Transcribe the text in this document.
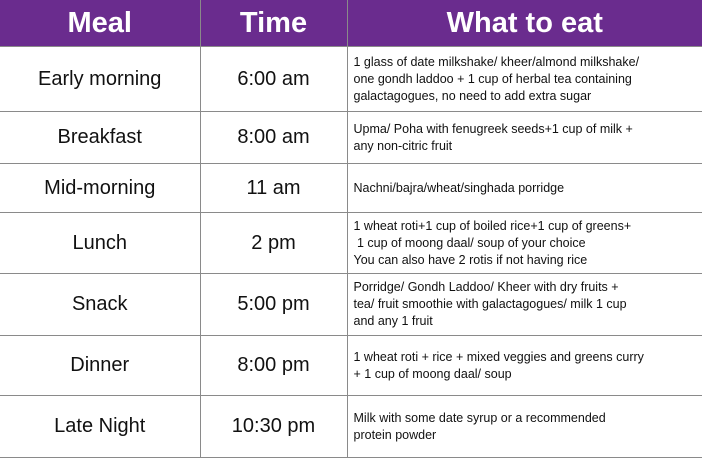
Meal	Time	What to eat
Early morning	6:00 am	1 glass of date milkshake/ kheer/almond milkshake/
one gondh laddoo + 1 cup of herbal tea containing
galactagogues, no need to add extra sugar

Breakfast	8:00 am	Upma/ Poha with fenugreek seeds+1 cup of milk +
any non-citric fruit

Mid-morning	11 am	Nachni/bajra/wheat/singhada porridge

Lunch	2 pm	1 wheat roti+1 cup of boiled rice+1 cup of greens+
1 cup of moong daal/ soup of your choice
You can also have 2 rotis if not having rice

Snack	5:00 pm	Porridge/ Gondh Laddoo/ Kheer with dry fruits +
tea/ fruit smoothie with galactagogues/ milk 1 cup
and any 1 fruit

Dinner	8:00 pm	1 wheat roti + rice + mixed veggies and greens curry
+ 1 cup of moong daal/ soup

Late Night	10:30 pm	Milk with some date syrup or a recommended
protein powder
